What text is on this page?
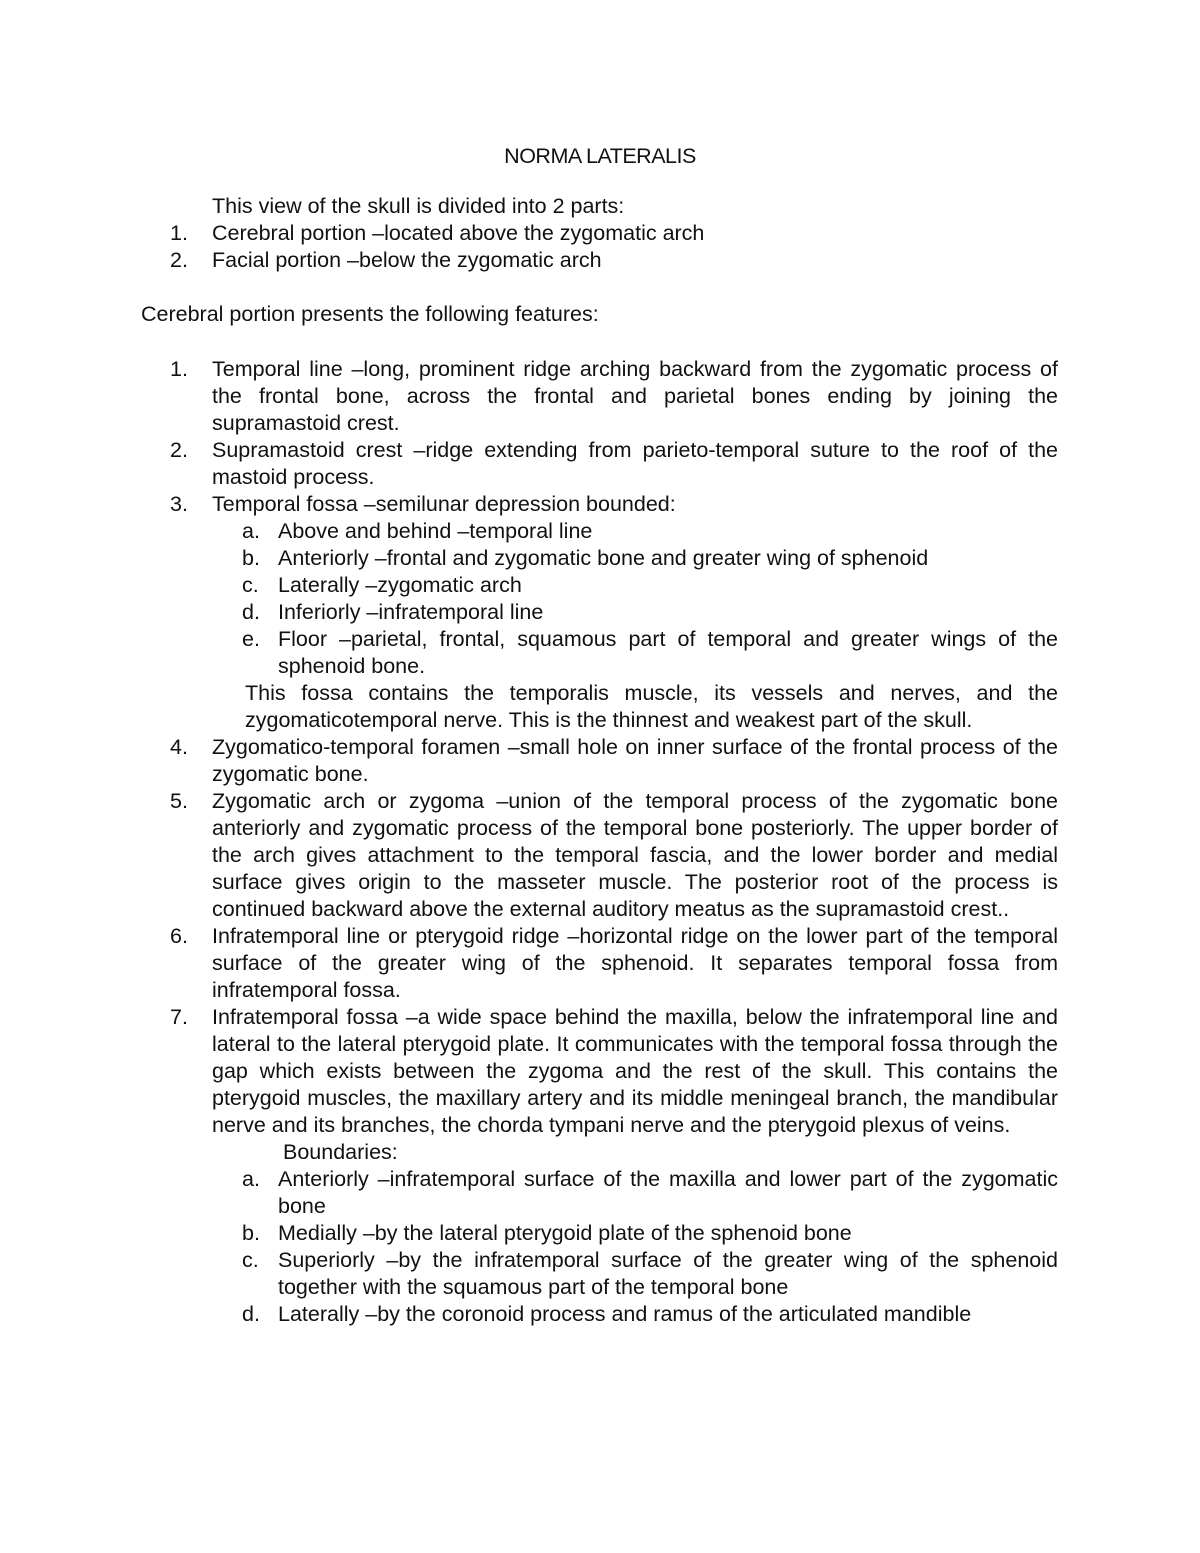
NORMA LATERALIS
This view of the skull is divided into 2 parts:
1.	Cerebral portion –located above the zygomatic arch
2.	Facial portion –below the zygomatic arch
Cerebral portion presents the following features:
1.	Temporal line –long, prominent ridge arching backward from the zygomatic process of the frontal bone, across the frontal and parietal bones ending by joining the supramastoid crest.
2.	Supramastoid crest –ridge extending from parieto-temporal suture to the roof of the mastoid process.
3.	Temporal fossa –semilunar depression bounded:
a. Above and behind –temporal line
b. Anteriorly –frontal and zygomatic bone and greater wing of sphenoid
c. Laterally –zygomatic arch
d. Inferiorly –infratemporal line
e. Floor –parietal, frontal, squamous part of temporal and greater wings of the sphenoid bone.
This fossa contains the temporalis muscle, its vessels and nerves, and the zygomaticotemporal nerve. This is the thinnest and weakest part of the skull.
4.	Zygomatico-temporal foramen –small hole on inner surface of the frontal process of the zygomatic bone.
5.	Zygomatic arch or zygoma –union of the temporal process of the zygomatic bone anteriorly and zygomatic process of the temporal bone posteriorly. The upper border of the arch gives attachment to the temporal fascia, and the lower border and medial surface gives origin to the masseter muscle. The posterior root of the process is continued backward above the external auditory meatus as the supramastoid crest..
6.	Infratemporal line or pterygoid ridge –horizontal ridge on the lower part of the temporal surface of the greater wing of the sphenoid. It separates temporal fossa from infratemporal fossa.
7.	Infratemporal fossa –a wide space behind the maxilla, below the infratemporal line and lateral to the lateral pterygoid plate. It communicates with the temporal fossa through the gap which exists between the zygoma and the rest of the skull. This contains the pterygoid muscles, the maxillary artery and its middle meningeal branch, the mandibular nerve and its branches, the chorda tympani nerve and the pterygoid plexus of veins.
Boundaries:
a. Anteriorly –infratemporal surface of the maxilla and lower part of the zygomatic bone
b. Medially –by the lateral pterygoid plate of the sphenoid bone
c. Superiorly –by the infratemporal surface of the greater wing of the sphenoid together with the squamous part of the temporal bone
d. Laterally –by the coronoid process and ramus of the articulated mandible
